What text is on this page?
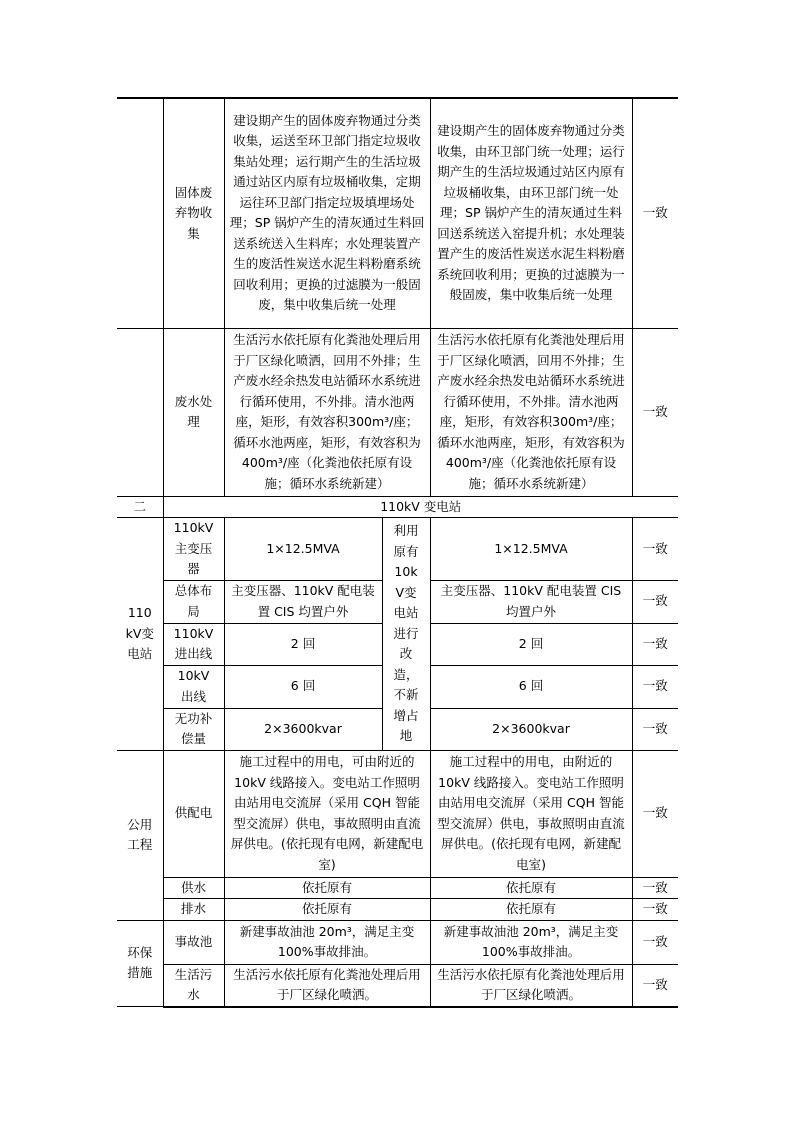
	固体废弃物收集	建设期产生的固体废弃物通过分类收集，运送至环卫部门指定垃圾收集站处理；运行期产生的生活垃圾通过站区内原有垃圾桶收集，定期运往环卫部门指定垃圾填埋场处理；SP 锅炉产生的清灰通过生料回送系统送入生料库；水处理装置产生的废活性炭送水泥生料粉磨系统回收利用；更换的过滤膜为一般固废，集中收集后统一处理		建设期产生的固体废弃物通过分类收集，由环卫部门统一处理；运行期产生的生活垃圾通过站区内原有垃圾桶收集，由环卫部门统一处理；SP 锅炉产生的清灰通过生料回送系统送入窑提升机；水处理装置产生的废活性炭送水泥生料粉磨系统回收利用；更换的过滤膜为一般固废，集中收集后统一处理	一致

	废水处理	生活污水依托原有化粪池处理后用于厂区绿化喷洒，回用不外排；生产废水经余热发电站循环水系统进行循环使用，不外排。清水池两座，矩形，有效容积300m³/座；循环水池两座，矩形，有效容积为400m³/座（化粪池依托原有设施；循环水系统新建）		生活污水依托原有化粪池处理后用于厂区绿化喷洒，回用不外排；生产废水经余热发电站循环水系统进行循环使用，不外排。清水池两座，矩形，有效容积300m³/座；循环水池两座，矩形，有效容积为400m³/座（化粪池依托原有设施；循环水系统新建）	一致
二	110kV 变电站				

110kV变电站	110kV主变压器	1×12.5MVA	利用原有10kV变电站进行改造，不新增占地	1×12.5MVA	一致

	总体布局	主变压器、110kV 配电装置 CIS 均置户外		主变压器、110kV 配电装置 CIS 均置户外	一致

	110kV进出线	2 回		2 回	一致

	10kV出线	6 回		6 回	一致

	无功补偿量	2×3600kvar		2×3600kvar	一致

公用工程	供配电	施工过程中的用电，可由附近的10kV 线路接入。变电站工作照明由站用电交流屏（采用 CQH 智能型交流屏）供电，事故照明由直流屏供电。(依托现有电网，新建配电室)		施工过程中的用电，由附近的10kV 线路接入。变电站工作照明由站用电交流屏（采用 CQH 智能型交流屏）供电，事故照明由直流屏供电。(依托现有电网，新建配电室)	一致
	供水	依托原有		依托原有	一致
	排水	依托原有		依托原有	一致

环保措施	事故池	新建事故油池 20m³，满足主变100%事故排油。		新建事故油池 20m³，满足主变100%事故排油。	一致

	生活污水	生活污水依托原有化粪池处理后用于厂区绿化喷洒。		生活污水依托原有化粪池处理后用于厂区绿化喷洒。	一致
